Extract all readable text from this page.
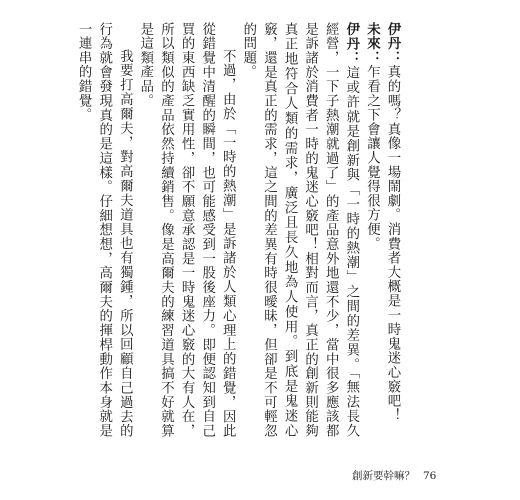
伊丹：真的嗎？真像一場鬧劇。消費者大概是一時鬼迷心竅吧！

未來：乍看之下會讓人覺得很方便。

伊丹：這或許就是創新與「一時的熱潮」之間的差異。「無法長久經營，一下子熱潮就過了」的產品意外地還不少，當中很多應該都是訴諸於消費者一時的鬼迷心竅吧！相對而言，真正的創新則能夠真正地符合人類的需求，廣泛且長久地為人使用。到底是鬼迷心竅，還是真正的需求，這之間的差異有時很曖昧，但卻是不可輕忽的問題。

不過，由於「一時的熱潮」是訴諸於人類心理上的錯覺，因此從錯覺中清醒的瞬間，也可能感受到一股後座力。即便認知到自己買的東西缺乏實用性，卻不願意承認是一時鬼迷心竅的大有人在，所以類似的產品依然持續銷售。像是高爾夫的練習道具搞不好就算是這類產品。

我要打高爾夫，對高爾夫道具也有獨鍾，所以回顧自己過去的行為就會發現真的是這樣。仔細想想，高爾夫的揮桿動作本身就是一連串的錯覺。

創新要幹嘛？ 76
